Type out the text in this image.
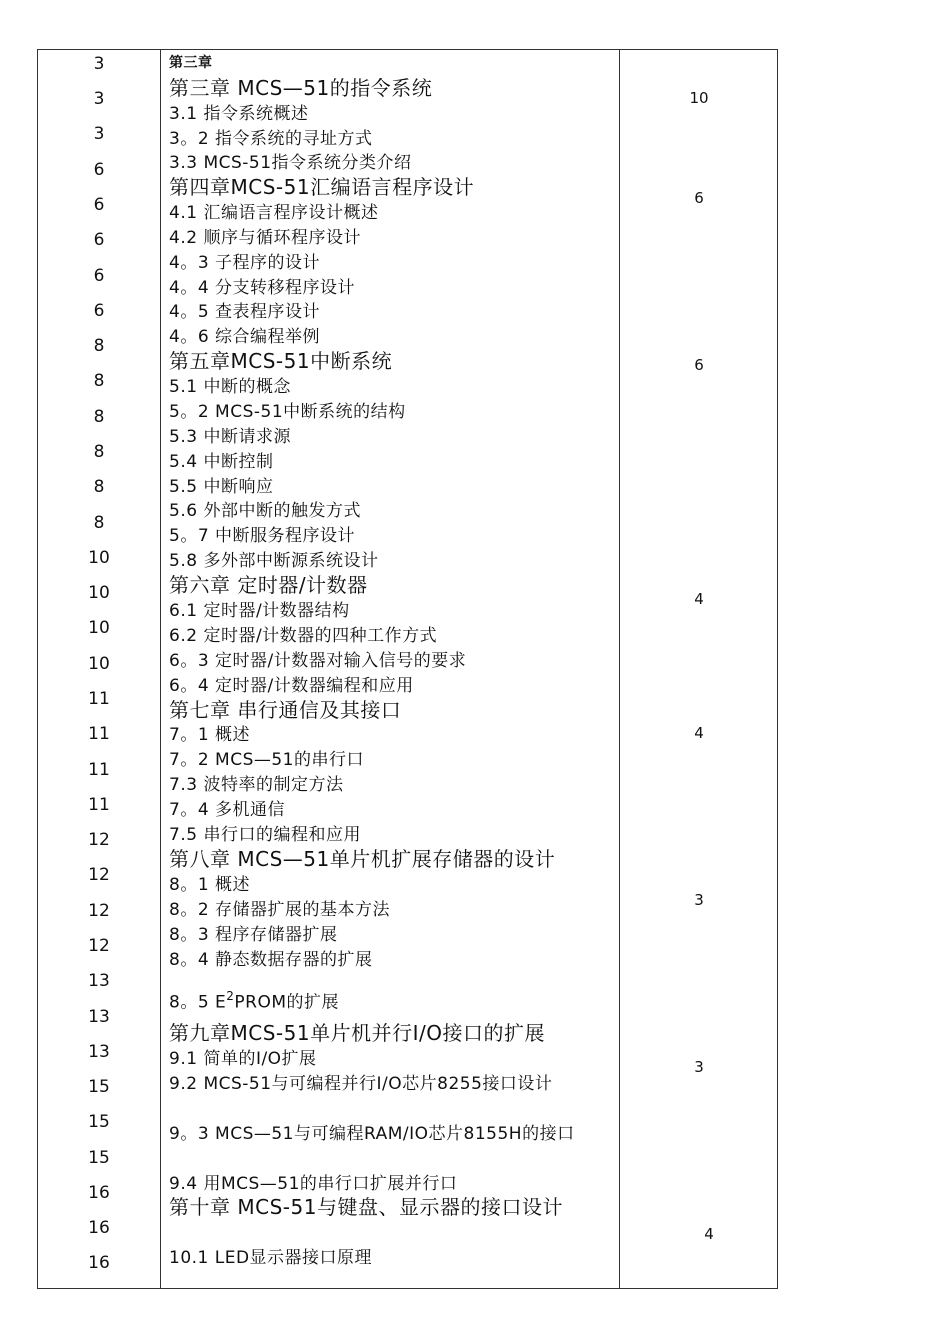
3
3
3
6
6
6
6
6
8
8
8
8
8
8
10
10
10
10
11
11
11
11
12
12
12
12
13
13
13
15
15
15
16
16
16
第三章
第三章 MCS—51的指令系统
3.1 指令系统概述
3。2 指令系统的寻址方式
3.3 MCS-51指令系统分类介绍
第四章MCS-51汇编语言程序设计
4.1 汇编语言程序设计概述
4.2 顺序与循环程序设计
4。3 子程序的设计
4。4 分支转移程序设计
4。5 查表程序设计
4。6 综合编程举例
第五章MCS-51中断系统
5.1 中断的概念
5。2 MCS-51中断系统的结构
5.3 中断请求源
5.4 中断控制
5.5 中断响应
5.6 外部中断的触发方式
5。7 中断服务程序设计
5.8 多外部中断源系统设计
第六章 定时器/计数器
6.1 定时器/计数器结构
6.2 定时器/计数器的四种工作方式
6。3 定时器/计数器对输入信号的要求
6。4 定时器/计数器编程和应用
第七章 串行通信及其接口
7。1 概述
7。2 MCS—51的串行口
7.3 波特率的制定方法
7。4 多机通信
7.5 串行口的编程和应用
第八章 MCS—51单片机扩展存储器的设计
8。1 概述
8。2 存储器扩展的基本方法
8。3 程序存储器扩展
8。4 静态数据存器的扩展
8。5 $E^2PROM$的扩展
第九章MCS-51单片机并行I/O接口的扩展
9.1 简单的I/O扩展
9.2 MCS-51与可编程并行I/O芯片8255接口设计
9。3 MCS—51与可编程RAM/IO芯片8155H的接口
9.4 用MCS—51的串行口扩展并行口
第十章 MCS-51与键盘、显示器的接口设计
10.1 LED显示器接口原理
10
6
6
4
4
3
3
4
